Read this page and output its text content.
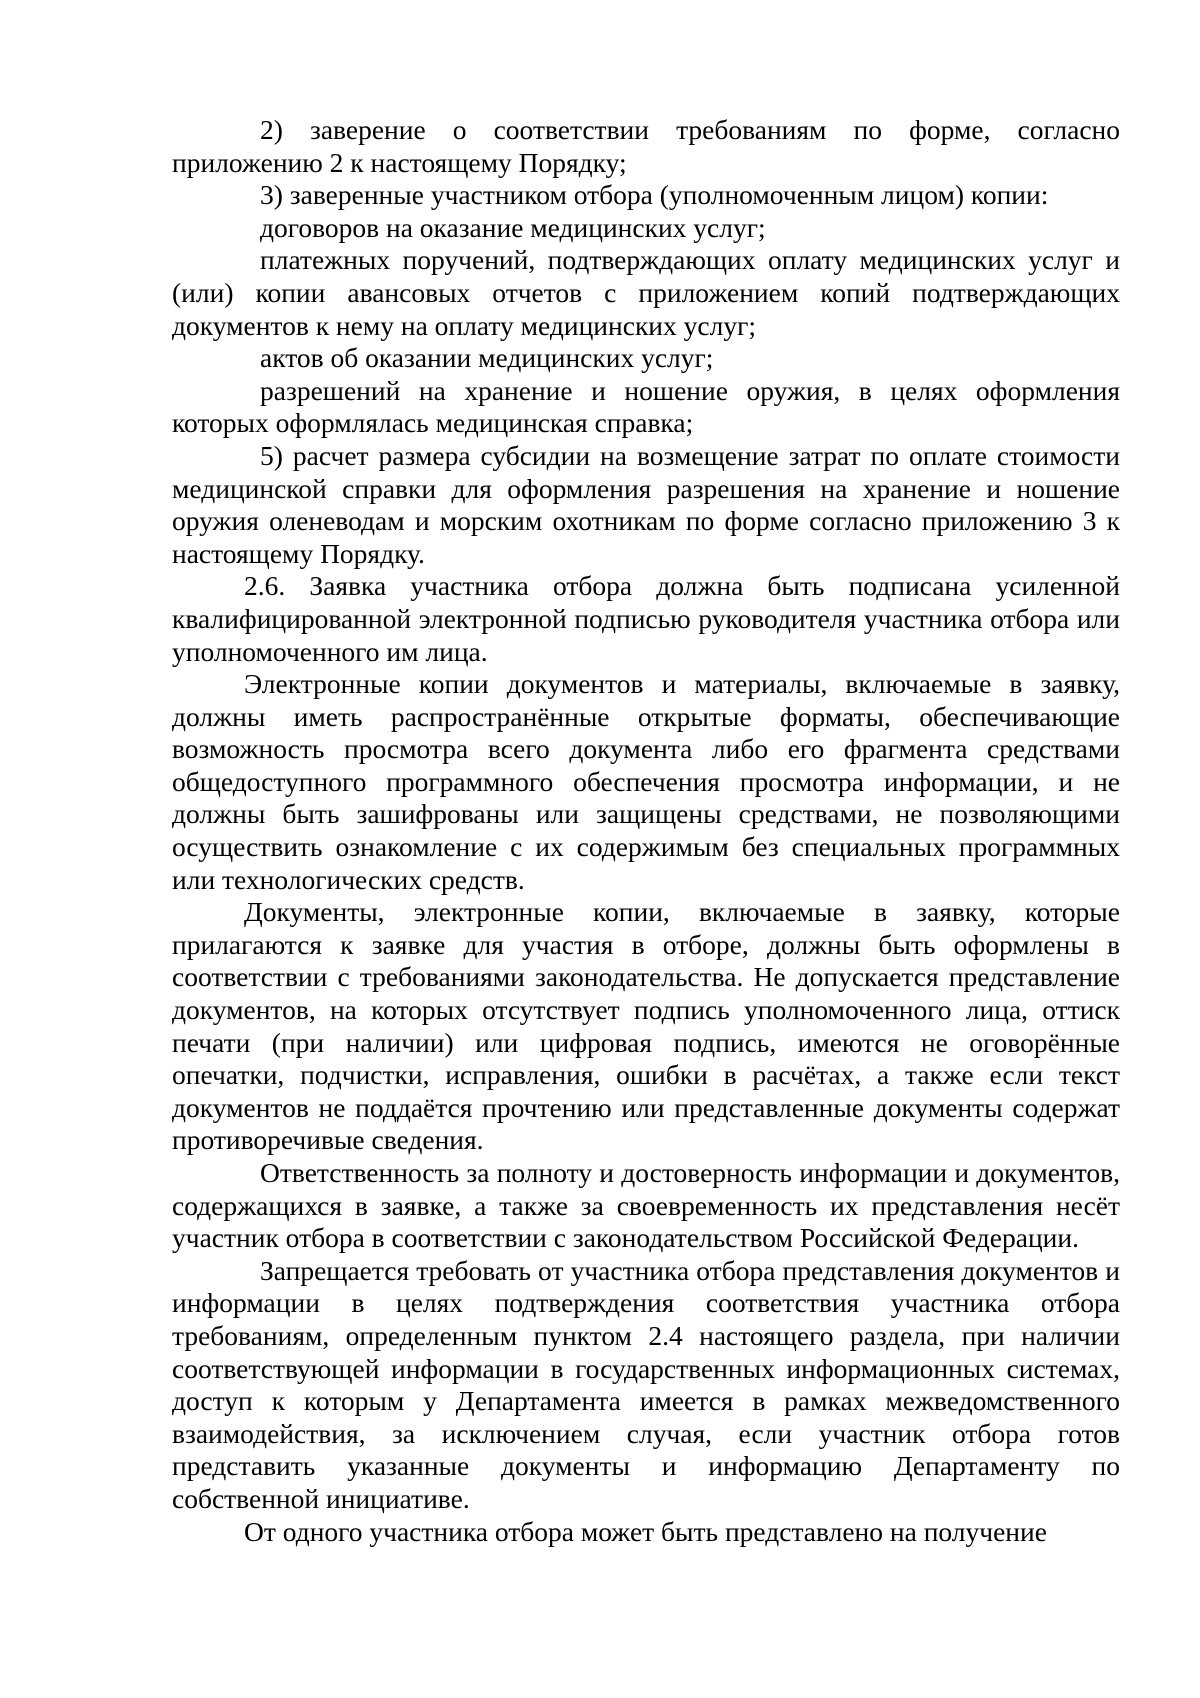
2) заверение о соответствии требованиям по форме, согласно приложению 2 к настоящему Порядку;

3) заверенные участником отбора (уполномоченным лицом) копии:

договоров на оказание медицинских услуг;

платежных поручений, подтверждающих оплату медицинских услуг и (или) копии авансовых отчетов с приложением копий подтверждающих документов к нему на оплату медицинских услуг;

актов об оказании медицинских услуг;

разрешений на хранение и ношение оружия, в целях оформления которых оформлялась медицинская справка;

5) расчет размера субсидии на возмещение затрат по оплате стоимости медицинской справки для оформления разрешения на хранение и ношение оружия оленеводам и морским охотникам по форме согласно приложению 3 к настоящему Порядку.

2.6. Заявка участника отбора должна быть подписана усиленной квалифицированной электронной подписью руководителя участника отбора или уполномоченного им лица.

Электронные копии документов и материалы, включаемые в заявку, должны иметь распространённые открытые форматы, обеспечивающие возможность просмотра всего документа либо его фрагмента средствами общедоступного программного обеспечения просмотра информации, и не должны быть зашифрованы или защищены средствами, не позволяющими осуществить ознакомление с их содержимым без специальных программных или технологических средств.

Документы, электронные копии, включаемые в заявку, которые прилагаются к заявке для участия в отборе, должны быть оформлены в соответствии с требованиями законодательства. Не допускается представление документов, на которых отсутствует подпись уполномоченного лица, оттиск печати (при наличии) или цифровая подпись, имеются не оговорённые опечатки, подчистки, исправления, ошибки в расчётах, а также если текст документов не поддаётся прочтению или представленные документы содержат противоречивые сведения.

Ответственность за полноту и достоверность информации и документов, содержащихся в заявке, а также за своевременность их представления несёт участник отбора в соответствии с законодательством Российской Федерации.

Запрещается требовать от участника отбора представления документов и информации в целях подтверждения соответствия участника отбора требованиям, определенным пунктом 2.4 настоящего раздела, при наличии соответствующей информации в государственных информационных системах, доступ к которым у Департамента имеется в рамках межведомственного взаимодействия, за исключением случая, если участник отбора готов представить указанные документы и информацию Департаменту по собственной инициативе.

От одного участника отбора может быть представлено на получение
